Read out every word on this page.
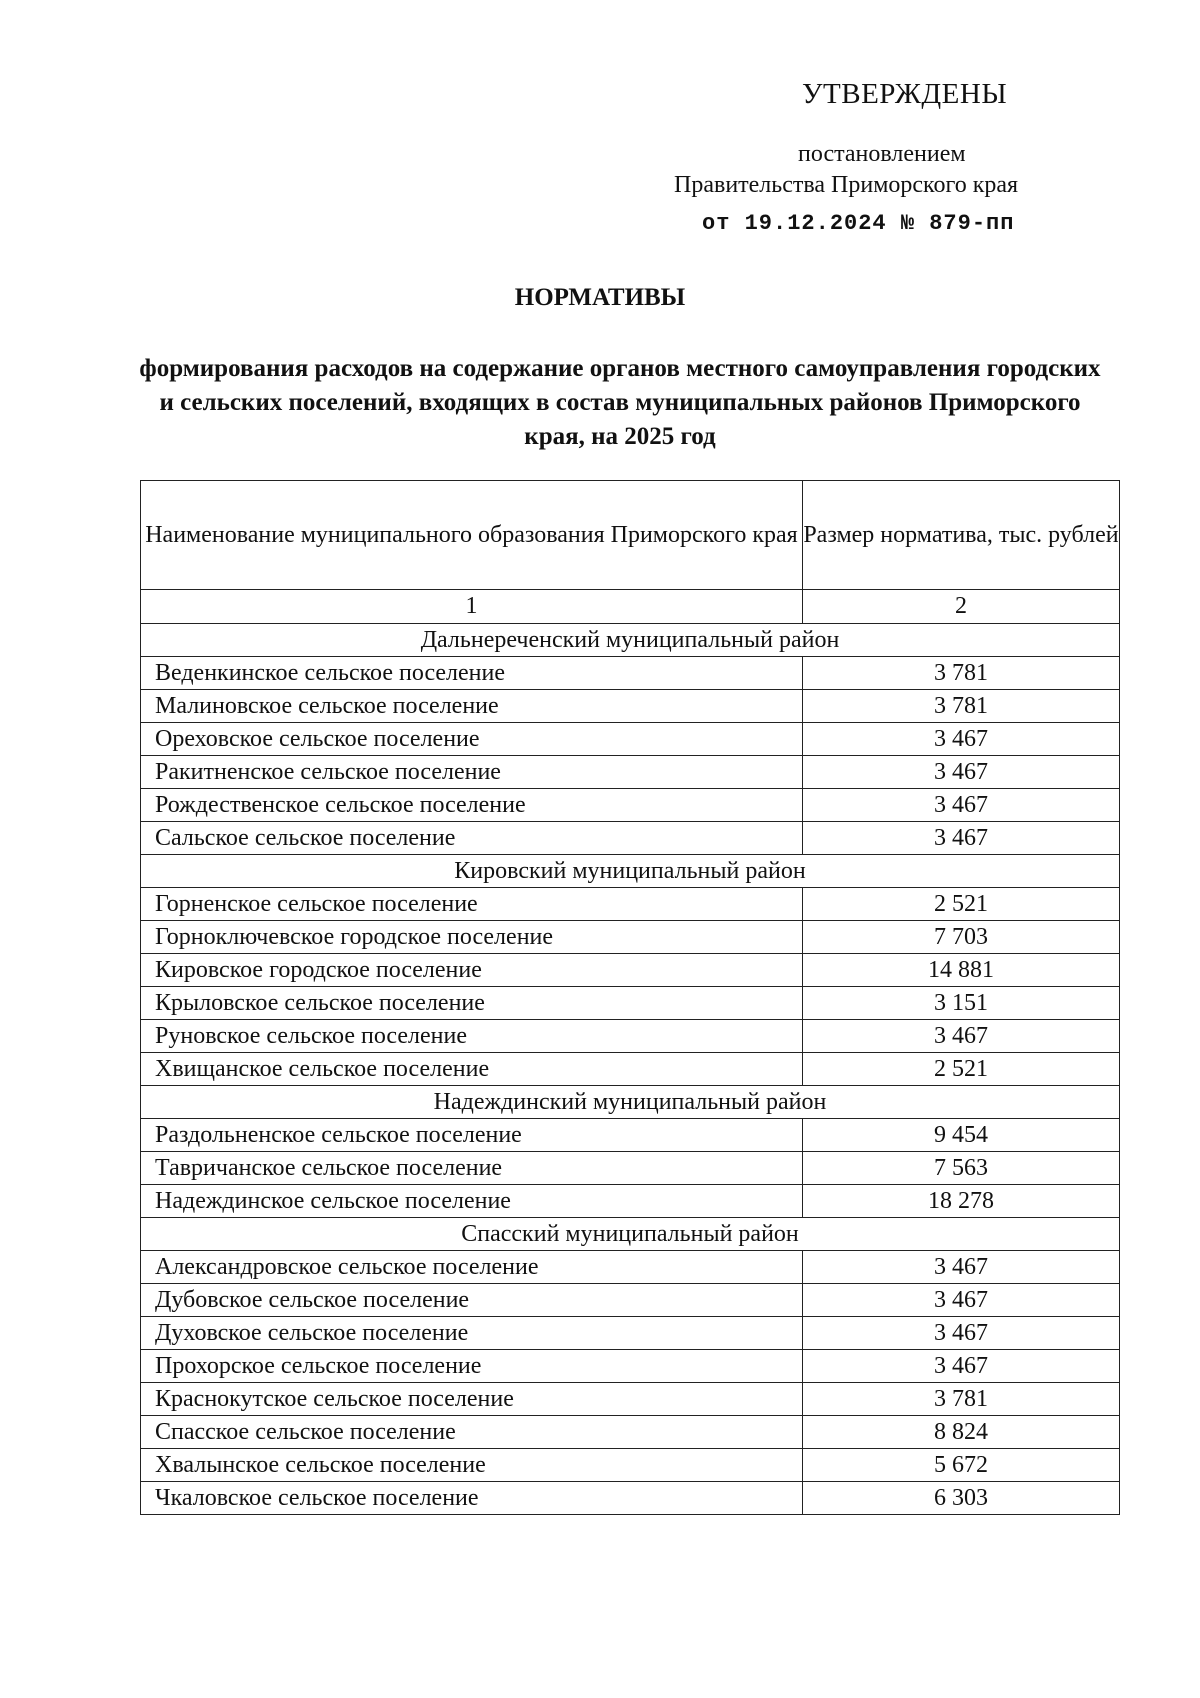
УТВЕРЖДЕНЫ
постановлением
Правительства Приморского края
от 19.12.2024 № 879-пп
НОРМАТИВЫ
формирования расходов на содержание органов местного самоуправления городских и сельских поселений, входящих в состав муниципальных районов Приморского края, на 2025 год
Наименование муниципального образования Приморского края	Размер норматива, тыс. рублей
1	2
Дальнереченский муниципальный район	
Веденкинское сельское поселение	3 781
Малиновское сельское поселение	3 781
Ореховское сельское поселение	3 467
Ракитненское сельское поселение	3 467
Рождественское сельское поселение	3 467
Сальское сельское поселение	3 467
Кировский муниципальный район	
Горненское сельское поселение	2 521
Горноключевское городское поселение	7 703
Кировское городское поселение	14 881
Крыловское сельское поселение	3 151
Руновское сельское поселение	3 467
Хвищанское сельское поселение	2 521
Надеждинский муниципальный район	
Раздольненское сельское поселение	9 454
Тавричанское сельское поселение	7 563
Надеждинское сельское поселение	18 278
Спасский муниципальный район	
Александровское сельское поселение	3 467
Дубовское сельское поселение	3 467
Духовское сельское поселение	3 467
Прохорское сельское поселение	3 467
Краснокутское сельское поселение	3 781
Спасское сельское поселение	8 824
Хвалынское сельское поселение	5 672
Чкаловское сельское поселение	6 303
